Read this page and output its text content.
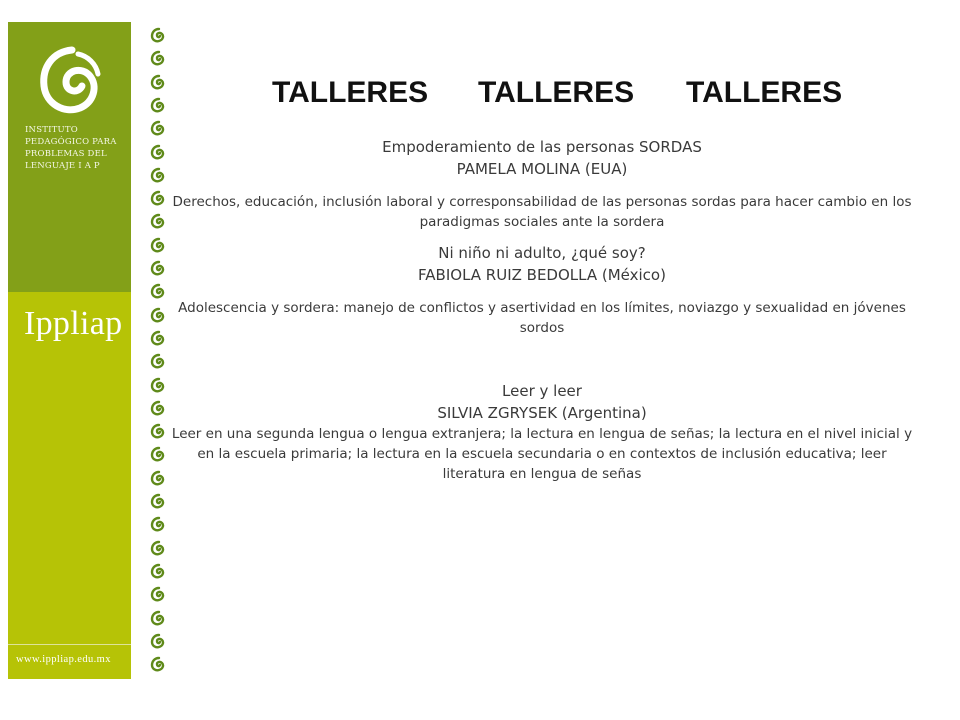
INSTITUTO
PEDAGÓGICO PARA
PROBLEMAS DEL
LENGUAJE I A P
Ippliap
www.ippliap.edu.mx
TALLERES TALLERES TALLERES
Empoderamiento de las personas SORDAS
PAMELA MOLINA (EUA)
Derechos, educación, inclusión laboral y corresponsabilidad de las personas sordas para hacer cambio en los paradigmas sociales ante la sordera
Ni niño ni adulto, ¿qué soy?
FABIOLA RUIZ BEDOLLA (México)
Adolescencia y sordera: manejo de conflictos y asertividad en los límites, noviazgo y sexualidad en jóvenes sordos
Leer y leer
SILVIA ZGRYSEK (Argentina)
Leer en una segunda lengua o lengua extranjera; la lectura en lengua de señas; la lectura en el nivel inicial y en la escuela primaria; la lectura en la escuela secundaria o en contextos de inclusión educativa; leer literatura en lengua de señas
